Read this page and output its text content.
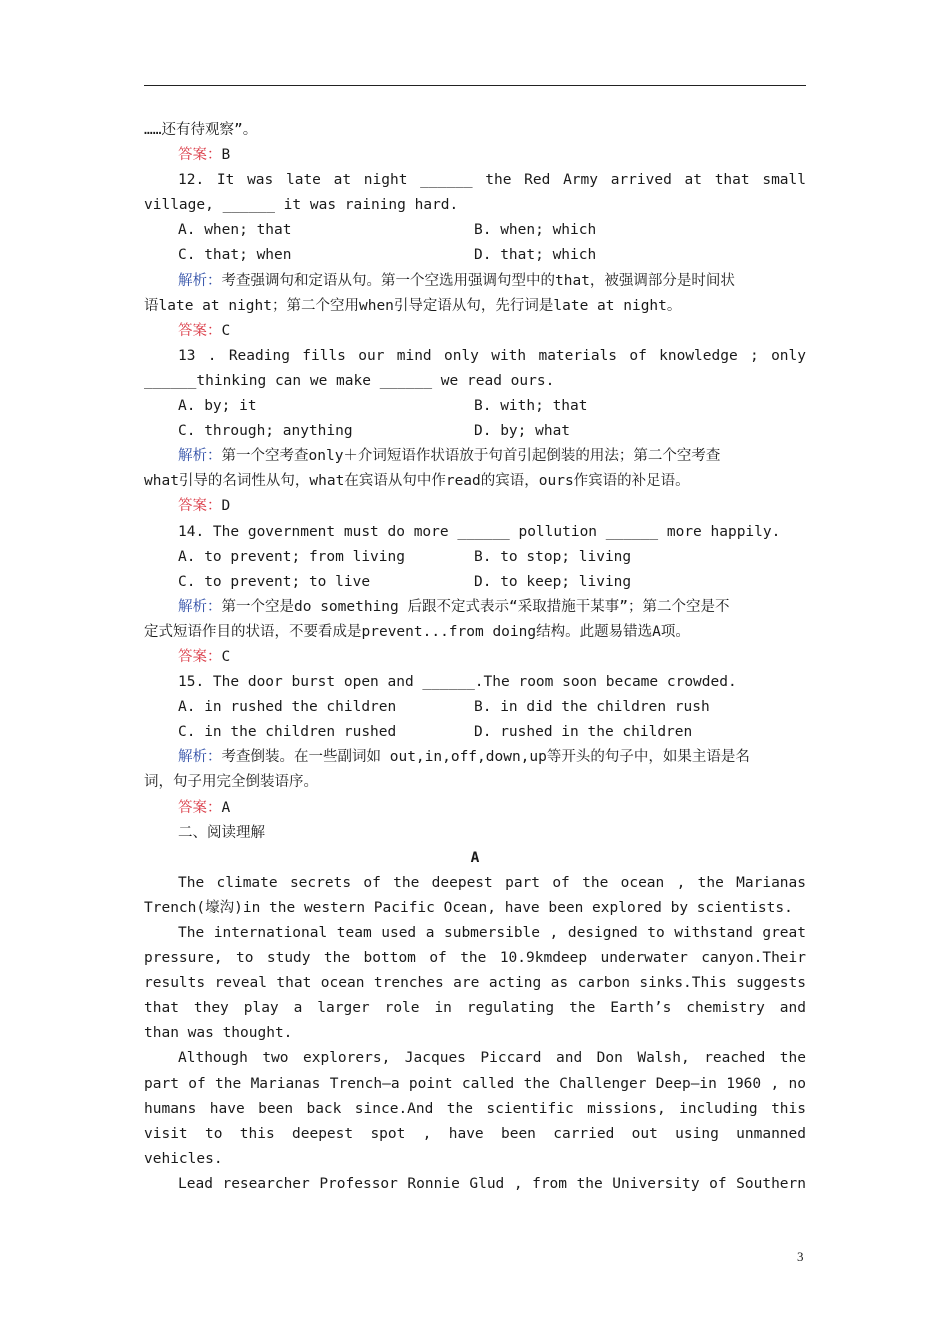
……还有待观察”。
答案：B
12. It was late at night ______ the Red Army arrived at that small
village, ______ it was raining hard.
A. when; that	B. when; which
C. that; when	D. that; which
解析：考查强调句和定语从句。第一个空选用强调句型中的that，被强调部分是时间状
语late at night；第二个空用when引导定语从句，先行词是late at night。
答案：C
13 . Reading fills our mind only with materials of knowledge ; only
______thinking can we make ______ we read ours.
A. by; it	B. with; that
C. through; anything	D. by; what
解析：第一个空考查only＋介词短语作状语放于句首引起倒装的用法；第二个空考查
what引导的名词性从句，what在宾语从句中作read的宾语，ours作宾语的补足语。
答案：D
14. The government must do more ______ pollution ______ more happily.
A. to prevent; from living	B. to stop; living
C. to prevent; to live	D. to keep; living
解析：第一个空是do something 后跟不定式表示“采取措施干某事”；第二个空是不
定式短语作目的状语，不要看成是prevent...from doing结构。此题易错选A项。
答案：C
15. The door burst open and ______.The room soon became crowded.
A. in rushed the children	B. in did the children rush
C. in the children rushed	D. rushed in the children
解析：考查倒装。在一些副词如 out,in,off,down,up等开头的句子中，如果主语是名
词，句子用完全倒装语序。
答案：A
二、阅读理解
A
The climate secrets of the deepest part of the ocean , the Marianas
Trench(壕沟)in the western Pacific Ocean, have been explored by scientists.
The international team used a submersible , designed to withstand great
pressure, to study the bottom of the 10.9kmdeep underwater canyon.Their
results reveal that ocean trenches are acting as carbon sinks.This suggests
that they play a larger role in regulating the Earth’s chemistry and
than was thought.
Although two explorers, Jacques Piccard and Don Walsh, reached the
part of the Marianas Trench—a point called the Challenger Deep—in 1960 , no
humans have been back since.And the scientific missions, including this
visit to this deepest spot , have been carried out using unmanned
vehicles.
Lead researcher Professor Ronnie Glud , from the University of Southern
3
